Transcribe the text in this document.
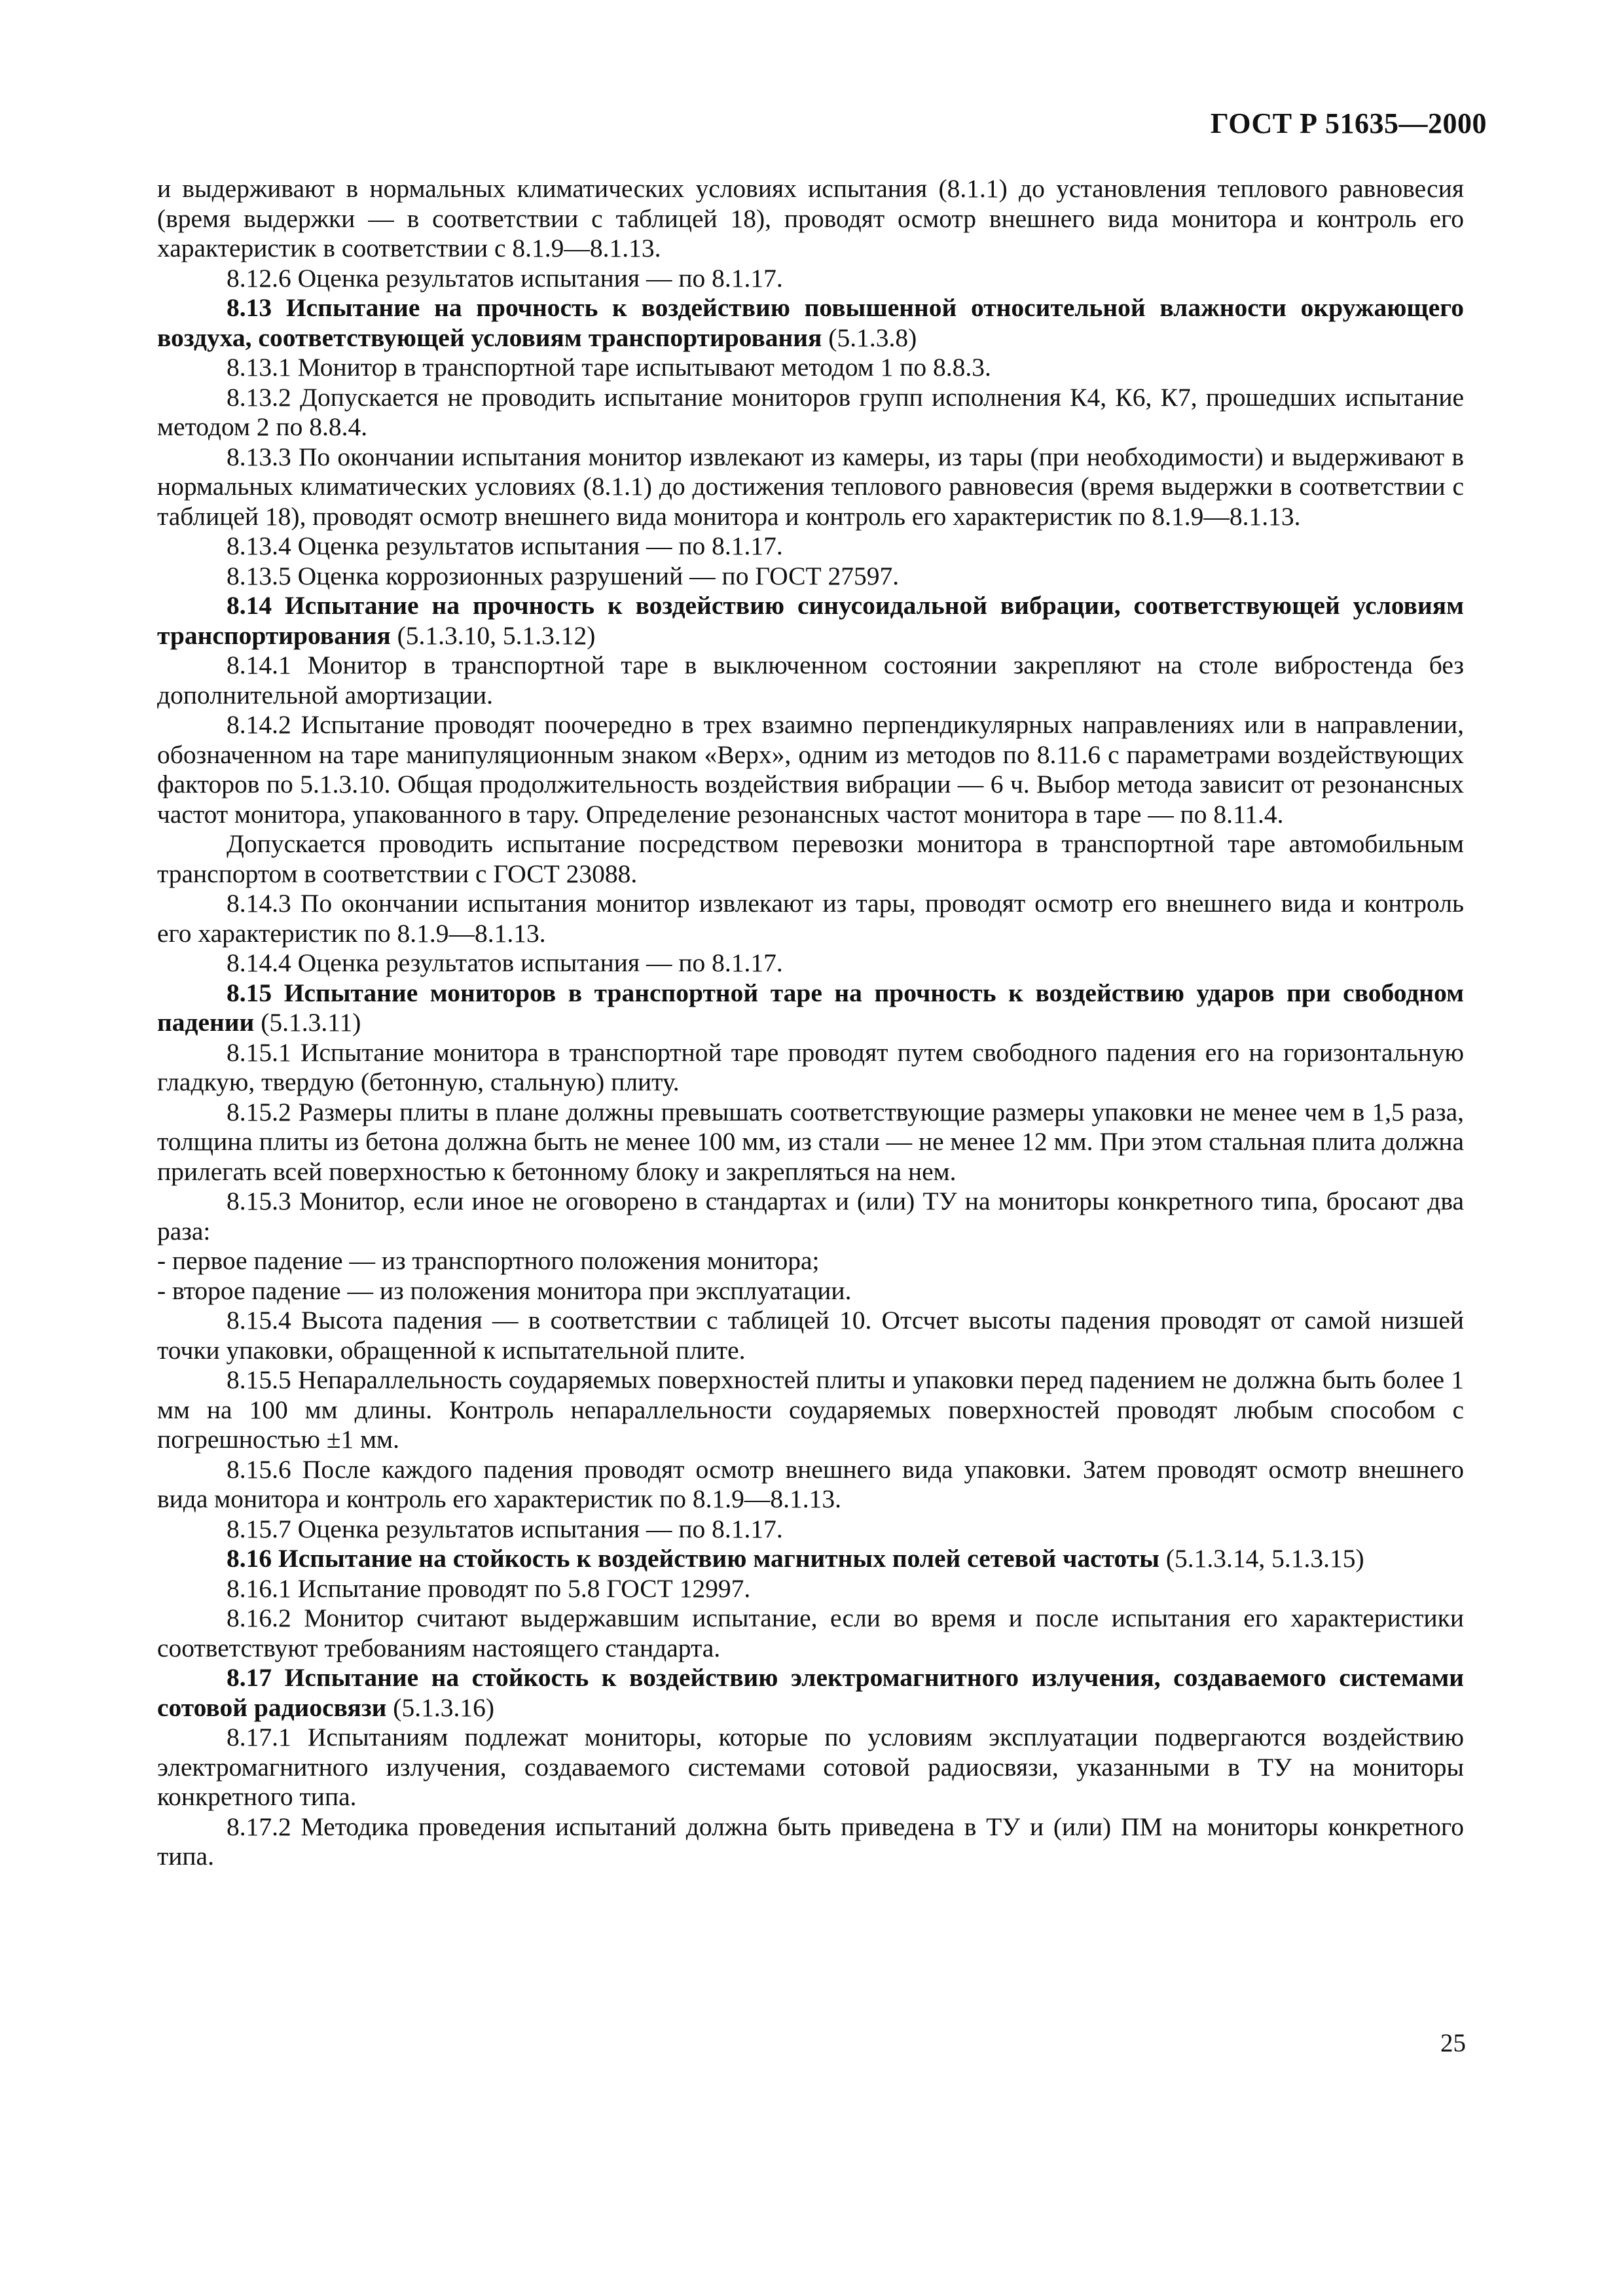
ГОСТ Р 51635—2000

и выдерживают в нормальных климатических условиях испытания (8.1.1) до установления теплового равновесия (время выдержки — в соответствии с таблицей 18), проводят осмотр внешнего вида монитора и контроль его характеристик в соответствии с 8.1.9—8.1.13.

8.12.6 Оценка результатов испытания — по 8.1.17.

8.13 Испытание на прочность к воздействию повышенной относительной влажности окружающего воздуха, соответствующей условиям транспортирования (5.1.3.8)

8.13.1 Монитор в транспортной таре испытывают методом 1 по 8.8.3.

8.13.2 Допускается не проводить испытание мониторов групп исполнения К4, К6, К7, прошедших испытание методом 2 по 8.8.4.

8.13.3 По окончании испытания монитор извлекают из камеры, из тары (при необходимости) и выдерживают в нормальных климатических условиях (8.1.1) до достижения теплового равновесия (время выдержки в соответствии с таблицей 18), проводят осмотр внешнего вида монитора и контроль его характеристик по 8.1.9—8.1.13.

8.13.4 Оценка результатов испытания — по 8.1.17.

8.13.5 Оценка коррозионных разрушений — по ГОСТ 27597.

8.14 Испытание на прочность к воздействию синусоидальной вибрации, соответствующей условиям транспортирования (5.1.3.10, 5.1.3.12)

8.14.1 Монитор в транспортной таре в выключенном состоянии закрепляют на столе вибростенда без дополнительной амортизации.

8.14.2 Испытание проводят поочередно в трех взаимно перпендикулярных направлениях или в направлении, обозначенном на таре манипуляционным знаком «Верх», одним из методов по 8.11.6 с параметрами воздействующих факторов по 5.1.3.10. Общая продолжительность воздействия вибрации — 6 ч. Выбор метода зависит от резонансных частот монитора, упакованного в тару. Определение резонансных частот монитора в таре — по 8.11.4.

Допускается проводить испытание посредством перевозки монитора в транспортной таре автомобильным транспортом в соответствии с ГОСТ 23088.

8.14.3 По окончании испытания монитор извлекают из тары, проводят осмотр его внешнего вида и контроль его характеристик по 8.1.9—8.1.13.

8.14.4 Оценка результатов испытания — по 8.1.17.

8.15 Испытание мониторов в транспортной таре на прочность к воздействию ударов при свободном падении (5.1.3.11)

8.15.1 Испытание монитора в транспортной таре проводят путем свободного падения его на горизонтальную гладкую, твердую (бетонную, стальную) плиту.

8.15.2 Размеры плиты в плане должны превышать соответствующие размеры упаковки не менее чем в 1,5 раза, толщина плиты из бетона должна быть не менее 100 мм, из стали — не менее 12 мм. При этом стальная плита должна прилегать всей поверхностью к бетонному блоку и закрепляться на нем.

8.15.3 Монитор, если иное не оговорено в стандартах и (или) ТУ на мониторы конкретного типа, бросают два раза:

- первое падение — из транспортного положения монитора;

- второе падение — из положения монитора при эксплуатации.

8.15.4 Высота падения — в соответствии с таблицей 10. Отсчет высоты падения проводят от самой низшей точки упаковки, обращенной к испытательной плите.

8.15.5 Непараллельность соударяемых поверхностей плиты и упаковки перед падением не должна быть более 1 мм на 100 мм длины. Контроль непараллельности соударяемых поверхностей проводят любым способом с погрешностью ±1 мм.

8.15.6 После каждого падения проводят осмотр внешнего вида упаковки. Затем проводят осмотр внешнего вида монитора и контроль его характеристик по 8.1.9—8.1.13.

8.15.7 Оценка результатов испытания — по 8.1.17.

8.16 Испытание на стойкость к воздействию магнитных полей сетевой частоты (5.1.3.14, 5.1.3.15)

8.16.1 Испытание проводят по 5.8 ГОСТ 12997.

8.16.2 Монитор считают выдержавшим испытание, если во время и после испытания его характеристики соответствуют требованиям настоящего стандарта.

8.17 Испытание на стойкость к воздействию электромагнитного излучения, создаваемого системами сотовой радиосвязи (5.1.3.16)

8.17.1 Испытаниям подлежат мониторы, которые по условиям эксплуатации подвергаются воздействию электромагнитного излучения, создаваемого системами сотовой радиосвязи, указанными в ТУ на мониторы конкретного типа.

8.17.2 Методика проведения испытаний должна быть приведена в ТУ и (или) ПМ на мониторы конкретного типа.

25
